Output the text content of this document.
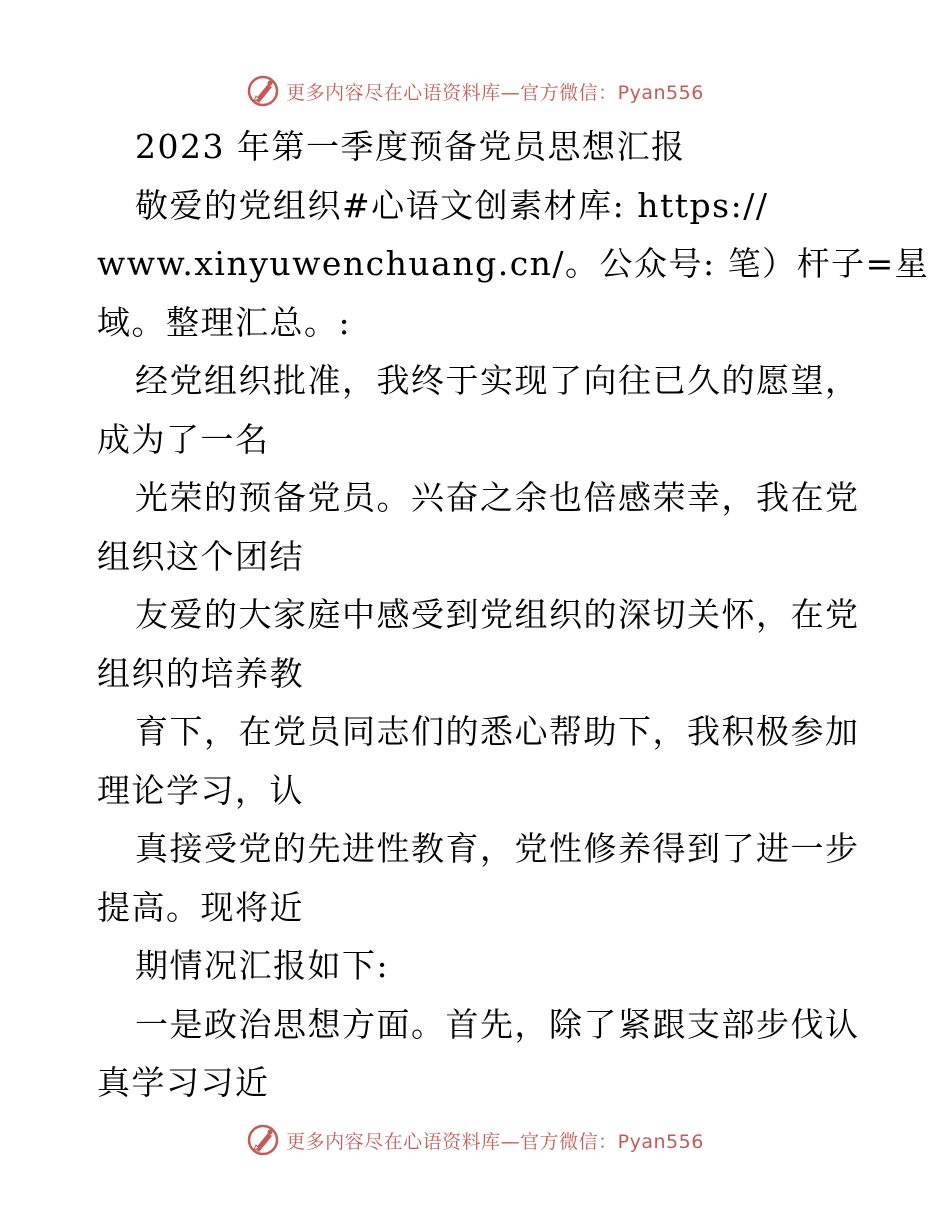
更多内容尽在心语资料库—官方微信：Pyan556
2023 年第一季度预备党员思想汇报
敬爱的党组织#心语文创素材库: https://
www.xinyuwenchuang.cn/。公众号: 笔）杆子=星
域。整理汇总。:
经党组织批准，我终于实现了向往已久的愿望，
成为了一名
光荣的预备党员。兴奋之余也倍感荣幸，我在党
组织这个团结
友爱的大家庭中感受到党组织的深切关怀，在党
组织的培养教
育下，在党员同志们的悉心帮助下，我积极参加
理论学习，认
真接受党的先进性教育，党性修养得到了进一步
提高。现将近
期情况汇报如下:
一是政治思想方面。首先，除了紧跟支部步伐认
真学习习近
更多内容尽在心语资料库—官方微信：Pyan556
